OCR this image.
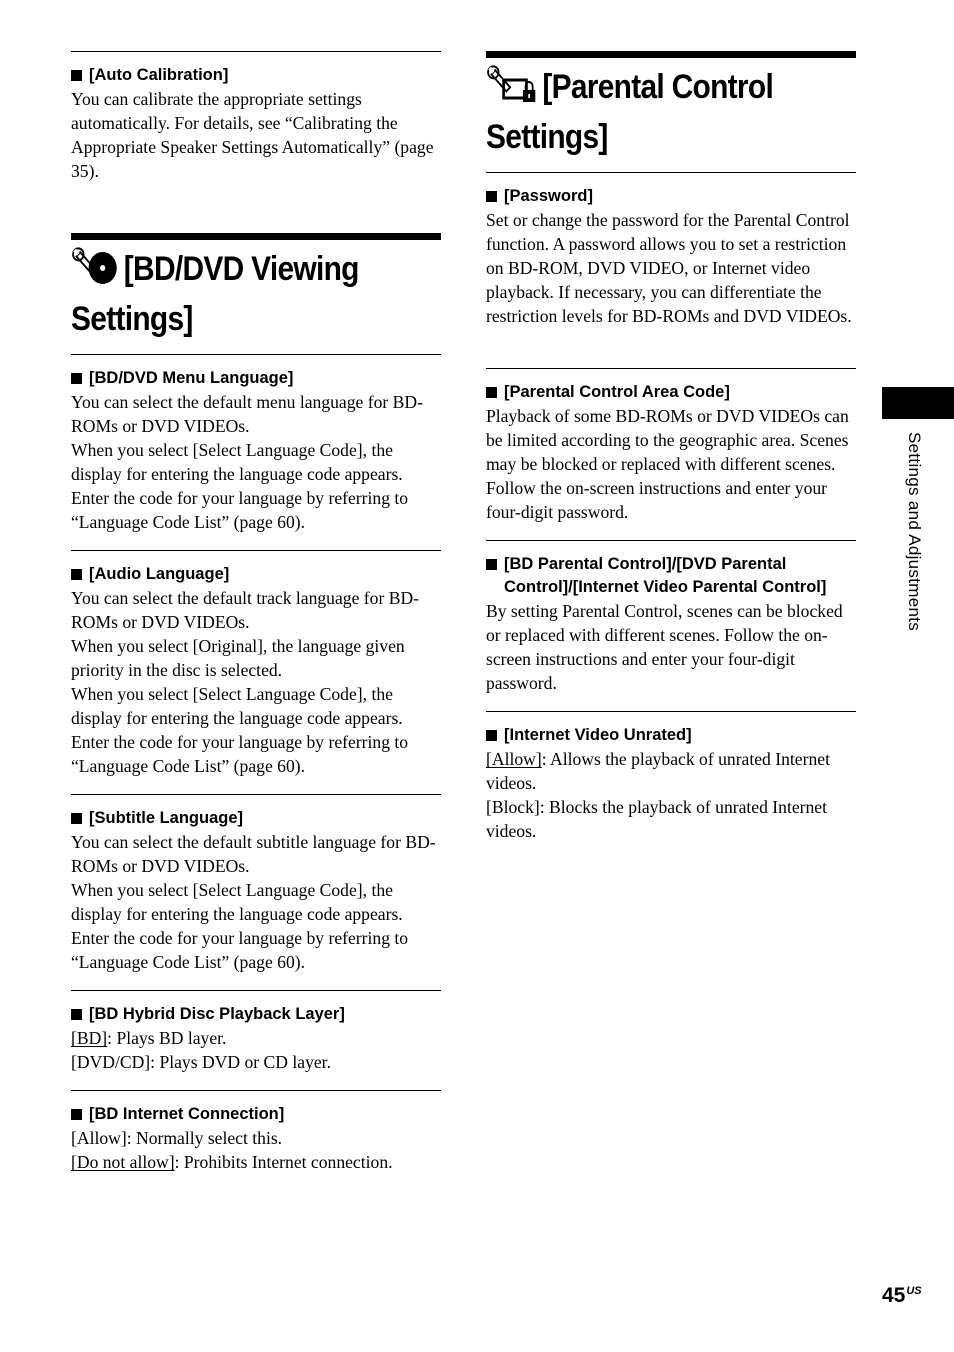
[Auto Calibration]

You can calibrate the appropriate settings automatically. For details, see “Calibrating the Appropriate Speaker Settings Automatically” (page 35).

[BD/DVD Viewing
Settings]
[BD/DVD Menu Language]

You can select the default menu language for BD-ROMs or DVD VIDEOs.

When you select [Select Language Code], the display for entering the language code appears. Enter the code for your language by referring to “Language Code List” (page 60).

[Audio Language]

You can select the default track language for BD-ROMs or DVD VIDEOs.

When you select [Original], the language given priority in the disc is selected.

When you select [Select Language Code], the display for entering the language code appears. Enter the code for your language by referring to “Language Code List” (page 60).

[Subtitle Language]

You can select the default subtitle language for BD-ROMs or DVD VIDEOs.

When you select [Select Language Code], the display for entering the language code appears. Enter the code for your language by referring to “Language Code List” (page 60).

[BD Hybrid Disc Playback Layer]

[BD]: Plays BD layer.

[DVD/CD]: Plays DVD or CD layer.

[BD Internet Connection]

[Allow]: Normally select this.

[Do not allow]: Prohibits Internet connection.

[Parental Control
Settings]
[Password]

Set or change the password for the Parental Control function. A password allows you to set a restriction on BD-ROM, DVD VIDEO, or Internet video playback. If necessary, you can differentiate the restriction levels for BD-ROMs and DVD VIDEOs.

[Parental Control Area Code]

Playback of some BD-ROMs or DVD VIDEOs can be limited according to the geographic area. Scenes may be blocked or replaced with different scenes. Follow the on-screen instructions and enter your four-digit password.

[BD Parental Control]/[DVD Parental Control]/[Internet Video Parental Control]

By setting Parental Control, scenes can be blocked or replaced with different scenes. Follow the on-screen instructions and enter your four-digit password.

[Internet Video Unrated]

[Allow]: Allows the playback of unrated Internet videos.

[Block]: Blocks the playback of unrated Internet videos.

Settings and Adjustments
$45^{US}$
